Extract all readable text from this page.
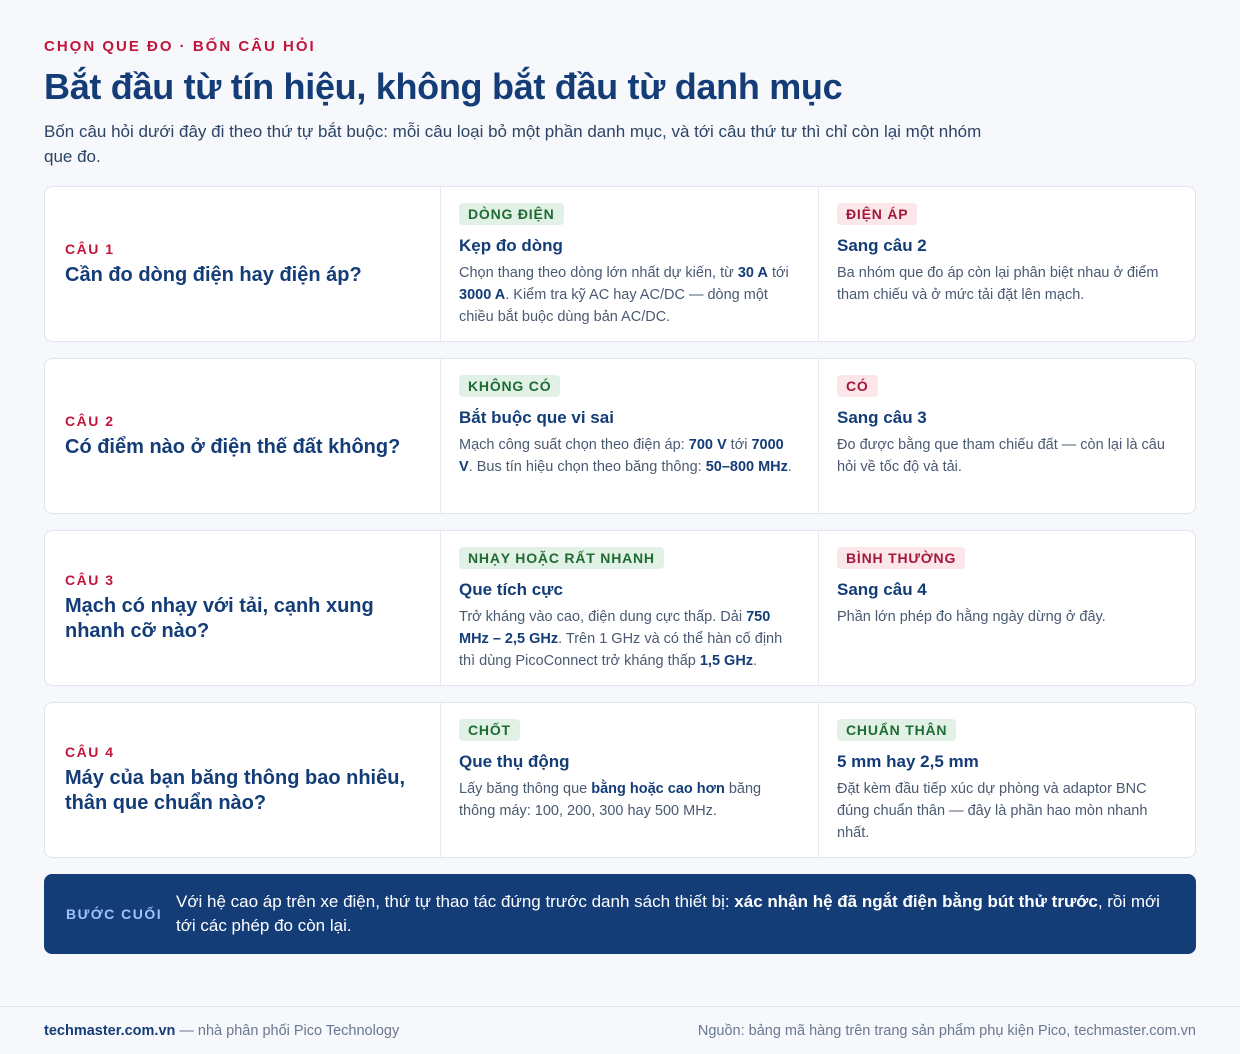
CHỌN QUE ĐO · BỐN CÂU HỎI
Bắt đầu từ tín hiệu, không bắt đầu từ danh mục

Bốn câu hỏi dưới đây đi theo thứ tự bắt buộc: mỗi câu loại bỏ một phần danh mục, và tới câu thứ tư thì chỉ còn lại một nhóm que đo.

CÂU 1
Cần đo dòng điện hay điện áp?
DÒNG ĐIỆN
Kẹp đo dòng
Chọn thang theo dòng lớn nhất dự kiến, từ 30 A tới 3000 A. Kiểm tra kỹ AC hay AC/DC — dòng một chiều bắt buộc dùng bản AC/DC.
ĐIỆN ÁP
Sang câu 2
Ba nhóm que đo áp còn lại phân biệt nhau ở điểm tham chiếu và ở mức tải đặt lên mạch.
CÂU 2
Có điểm nào ở điện thế đất không?
KHÔNG CÓ
Bắt buộc que vi sai
Mạch công suất chọn theo điện áp: 700 V tới 7000 V. Bus tín hiệu chọn theo băng thông: 50–800 MHz.
CÓ
Sang câu 3
Đo được bằng que tham chiếu đất — còn lại là câu hỏi về tốc độ và tải.
CÂU 3
Mạch có nhạy với tải, cạnh xung nhanh cỡ nào?
NHẠY HOẶC RẤT NHANH
Que tích cực
Trở kháng vào cao, điện dung cực thấp. Dải 750 MHz – 2,5 GHz. Trên 1 GHz và có thể hàn cố định thì dùng PicoConnect trở kháng thấp 1,5 GHz.
BÌNH THƯỜNG
Sang câu 4
Phần lớn phép đo hằng ngày dừng ở đây.
CÂU 4
Máy của bạn băng thông bao nhiêu, thân que chuẩn nào?
CHỐT
Que thụ động
Lấy băng thông que bằng hoặc cao hơn băng thông máy: 100, 200, 300 hay 500 MHz.
CHUẨN THÂN
5 mm hay 2,5 mm
Đặt kèm đầu tiếp xúc dự phòng và adaptor BNC đúng chuẩn thân — đây là phần hao mòn nhanh nhất.
BƯỚC CUỐI
Với hệ cao áp trên xe điện, thứ tự thao tác đứng trước danh sách thiết bị: xác nhận hệ đã ngắt điện bằng bút thử trước, rồi mới tới các phép đo còn lại.
techmaster.com.vn — nhà phân phối Pico Technology	Nguồn: bảng mã hàng trên trang sản phẩm phụ kiện Pico, techmaster.com.vn
